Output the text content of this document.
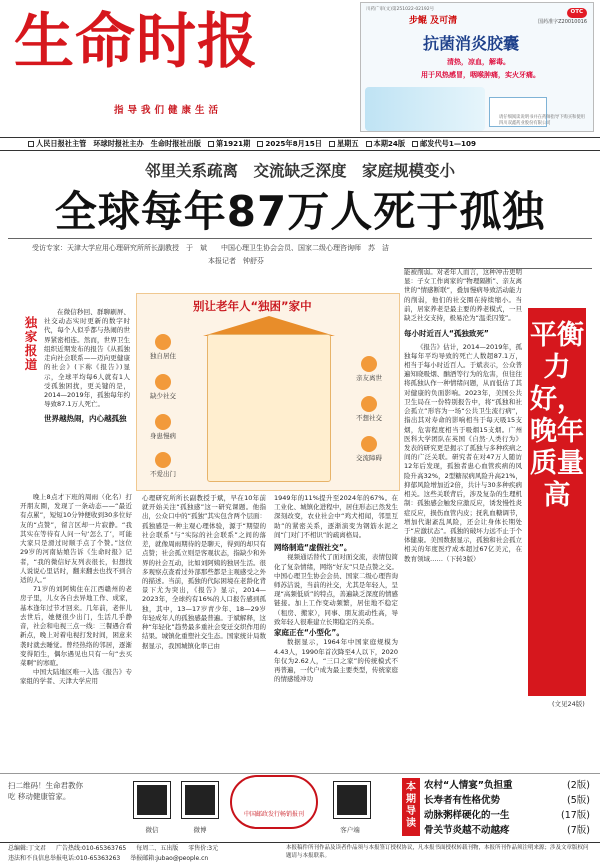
生命时报
指导我们健康生活
川药广审(文)第251022-02192号	OTC
国药准字Z20010016
步鲲 及可清
抗菌消炎胶囊
清热，凉血，解毒。
用于风热感冒，咽喉肿痛，实火牙痛。
请仔细阅读说明书并在药师指导下购买和使用 四川双鑫药业股份有限公司
人民日报社主管 环球时报社主办 生命时报社出版	第1921期	2025年8月15日	星期五	本期24版	邮发代号1—109
邻里关系疏离　交流缺乏深度　家庭规模变小
全球每年87万人死于孤独
受访专家：天津大学应用心理研究所所长副教授　于　斌　　中国心理卫生协会会员、国家二级心理咨询师　苏　洁
本报记者　钟舒芬
独家报道

在微信秒回、群聊刷屏、社交动态实时更新的数字时代，每个人似乎都与热闹的世界紧密相连。然而，世界卫生组织近期发布的报告《从孤独走向社会联系——迈向更健康的社会》(下称《报告》)显示，全球平均每6人就有1人受孤独困扰，更关键的是，2014—2019年，孤独每年约导致87.1万人死亡。

世界越热闹，内心越孤独

晚上8点才下班的周雨（化名）打开朋友圈，发现了一条动态——“最近有点累”，短短10分钟便收到30多位好友的“点赞”，留言区却一片寂静。“我其实在等待有人问一句‘怎么了’，可能大家只是滑过时顺手点了个赞。”这位29岁的河南姑娘告诉《生命时报》记者，“我的微信好友列表很长，但想找人说说心里话时，翻来翻去也找不到合适的人。”

71岁的刘阿姨住在江西赣州的老房子里，儿女各自去异地工作、成家，基本逢年过节才回来。几年前，老伴儿去世后，她便很少出门，生活几乎静音，社会和电视三点一线：三餐遇合看新点，晚上对着电视打发时间，困意来袭时就去睡觉。曾经热络的邻居，逐渐变得陌生，偶尔遇见也只有一句“去买菜啊”的寒暄。

中国大陆地区唯一入选《报告》专家组的学者、天津大学应用

别让老年人“独困”家中
独自居住
缺少社交
身患慢病
不爱出门
亲友离世
不想社交
交流障碍

心理研究所所长副教授于斌，早在10年前就开始关注“孤独感”这一研究课题。他指出，公众口中的“孤独”其实包含两个层面：孤独感是一种主观心理体验，源于“期望的社会联系”与“实际的社会联系”之间的落差，就像周雨期待的是聊天，得到的却只有点赞；社会孤立则是客观状态，指缺少和外界的社会互动，比如刘阿姨的独居生活。很多观察点查看过外部那些都是主观感受之外的描述。当前，孤独的代际困境在老龄化背景下尤为突出，《报告》显示，2014—2023年，全球约有16%的人口报告感到孤独，其中，13—17岁青少年、18—29岁年轻成年人的孤独感最普遍。于斌解释，这种“年轻化”趋势最多重社会变迁交织作用的结果。城镇化重塑社交生态。国家统计局数据显示，我国城镇化率已由

1949年的11%提升至2024年的67%。在工业化、城镇化进程中，居住形态已然发生深刻改变，农业社会中“鸡犬相闻，邻里互助”的紧密关系，逐渐演变为钢筋水泥之间“门对门不相识”的疏离格局。

网络制造“虚假社交”。

视频通话替代了面对面交流，表情包简化了复杂情绪，网络“好友”只是点赞之交。中国心理卫生协会会员、国家二级心理咨询师苏洁说，当前的社交，尤其是年轻人，呈现“高频低质”的特点，善遍缺乏深度的情感链接。加上工作变动频繁，居住地不稳定（租房、搬家），同事、朋友流动性高，导致年轻人很难建立长期稳定的关系。

家庭正在“小型化”。

数据显示，1964年中国家庭规模为4.43人，1990年首次降至4人以下，2020年仅为2.62人，“三口之家”的传统模式不再普遍，一代户成为最主要类型，传统家庭的情感缓冲功

能被削弱。对老年人而言，这种冲击更明显：子女工作离家的“物理隔断”、亲友离世的“情感断联”，叠加慢病导致活动能力的削弱，他们的社交圈在持续缩小。当前，居家养老是最主要的养老模式，一旦缺乏社交支持，极易沦为“温柔囚笼”。

每小时近百人“孤独致死”

《报告》估计，2014—2019年，孤独每年平均导致的死亡人数超87.1万，相当于每小时近百人。于斌表示，公众普遍知晓吸烟、酗酒等行为的危害，但往往将孤独认作一种情绪问题，从而低估了其对健康的负面影响。2023年，美国公共卫生局在一份特别报告中，将“孤独和社会孤立”形容为一场“公共卫生流行病”，指出其对寿命的影响相当于每天吸15支烟，危害程度相当于吸烟15支烟。广州医科大学团队在英国《自然·人类行为》发表的研究更是揭示了孤独与多种疾病之间的广泛关联。研究者在对47万人随访12年后发现，孤独者患心血管疾病的风险升高32%，2型糖尿病风险升高21%，抑郁风险增加近2倍，共计与30多种疾病相关。这些关联背后，涉及复杂的生理机制：孤独感会触发应激反应，诱发慢性炎症反应，损伤血管内皮；抚乳血糖调节，增加代谢紊乱风险，还会让身体长期处于“应激状态”。孤独的破坏力远不止于个体健康。美国数据显示，孤独和社会孤立相关的年度医疗成本超过67亿美元，在教育领域……（下转3版）

平衡力好，晚年质量高
(文见24版)
扫二维码！生命君教你吃 移动健康管家。
微信	微博	客户端
本期导读
农村“人情宴”负担重	(2版)
长寿者有性格优势	(5版)
动脉粥样硬化的一生	(17版)
骨关节炎越不动越疼	(7版)
中国邮政发行畅销报刊
总编辑:丁文君 广告热线:010-65363765 每周二、五出版 零售价:3元
违法和不良信息举报电话:010-65363263 举报邮箱:jubao@people.cn
本报稿件所刊作品及读者作品须与本报签订授权协议，凡本报书面授权转载刊物，本报所刊作品须注明来源；涉及文章版权问题请与本报联系。
